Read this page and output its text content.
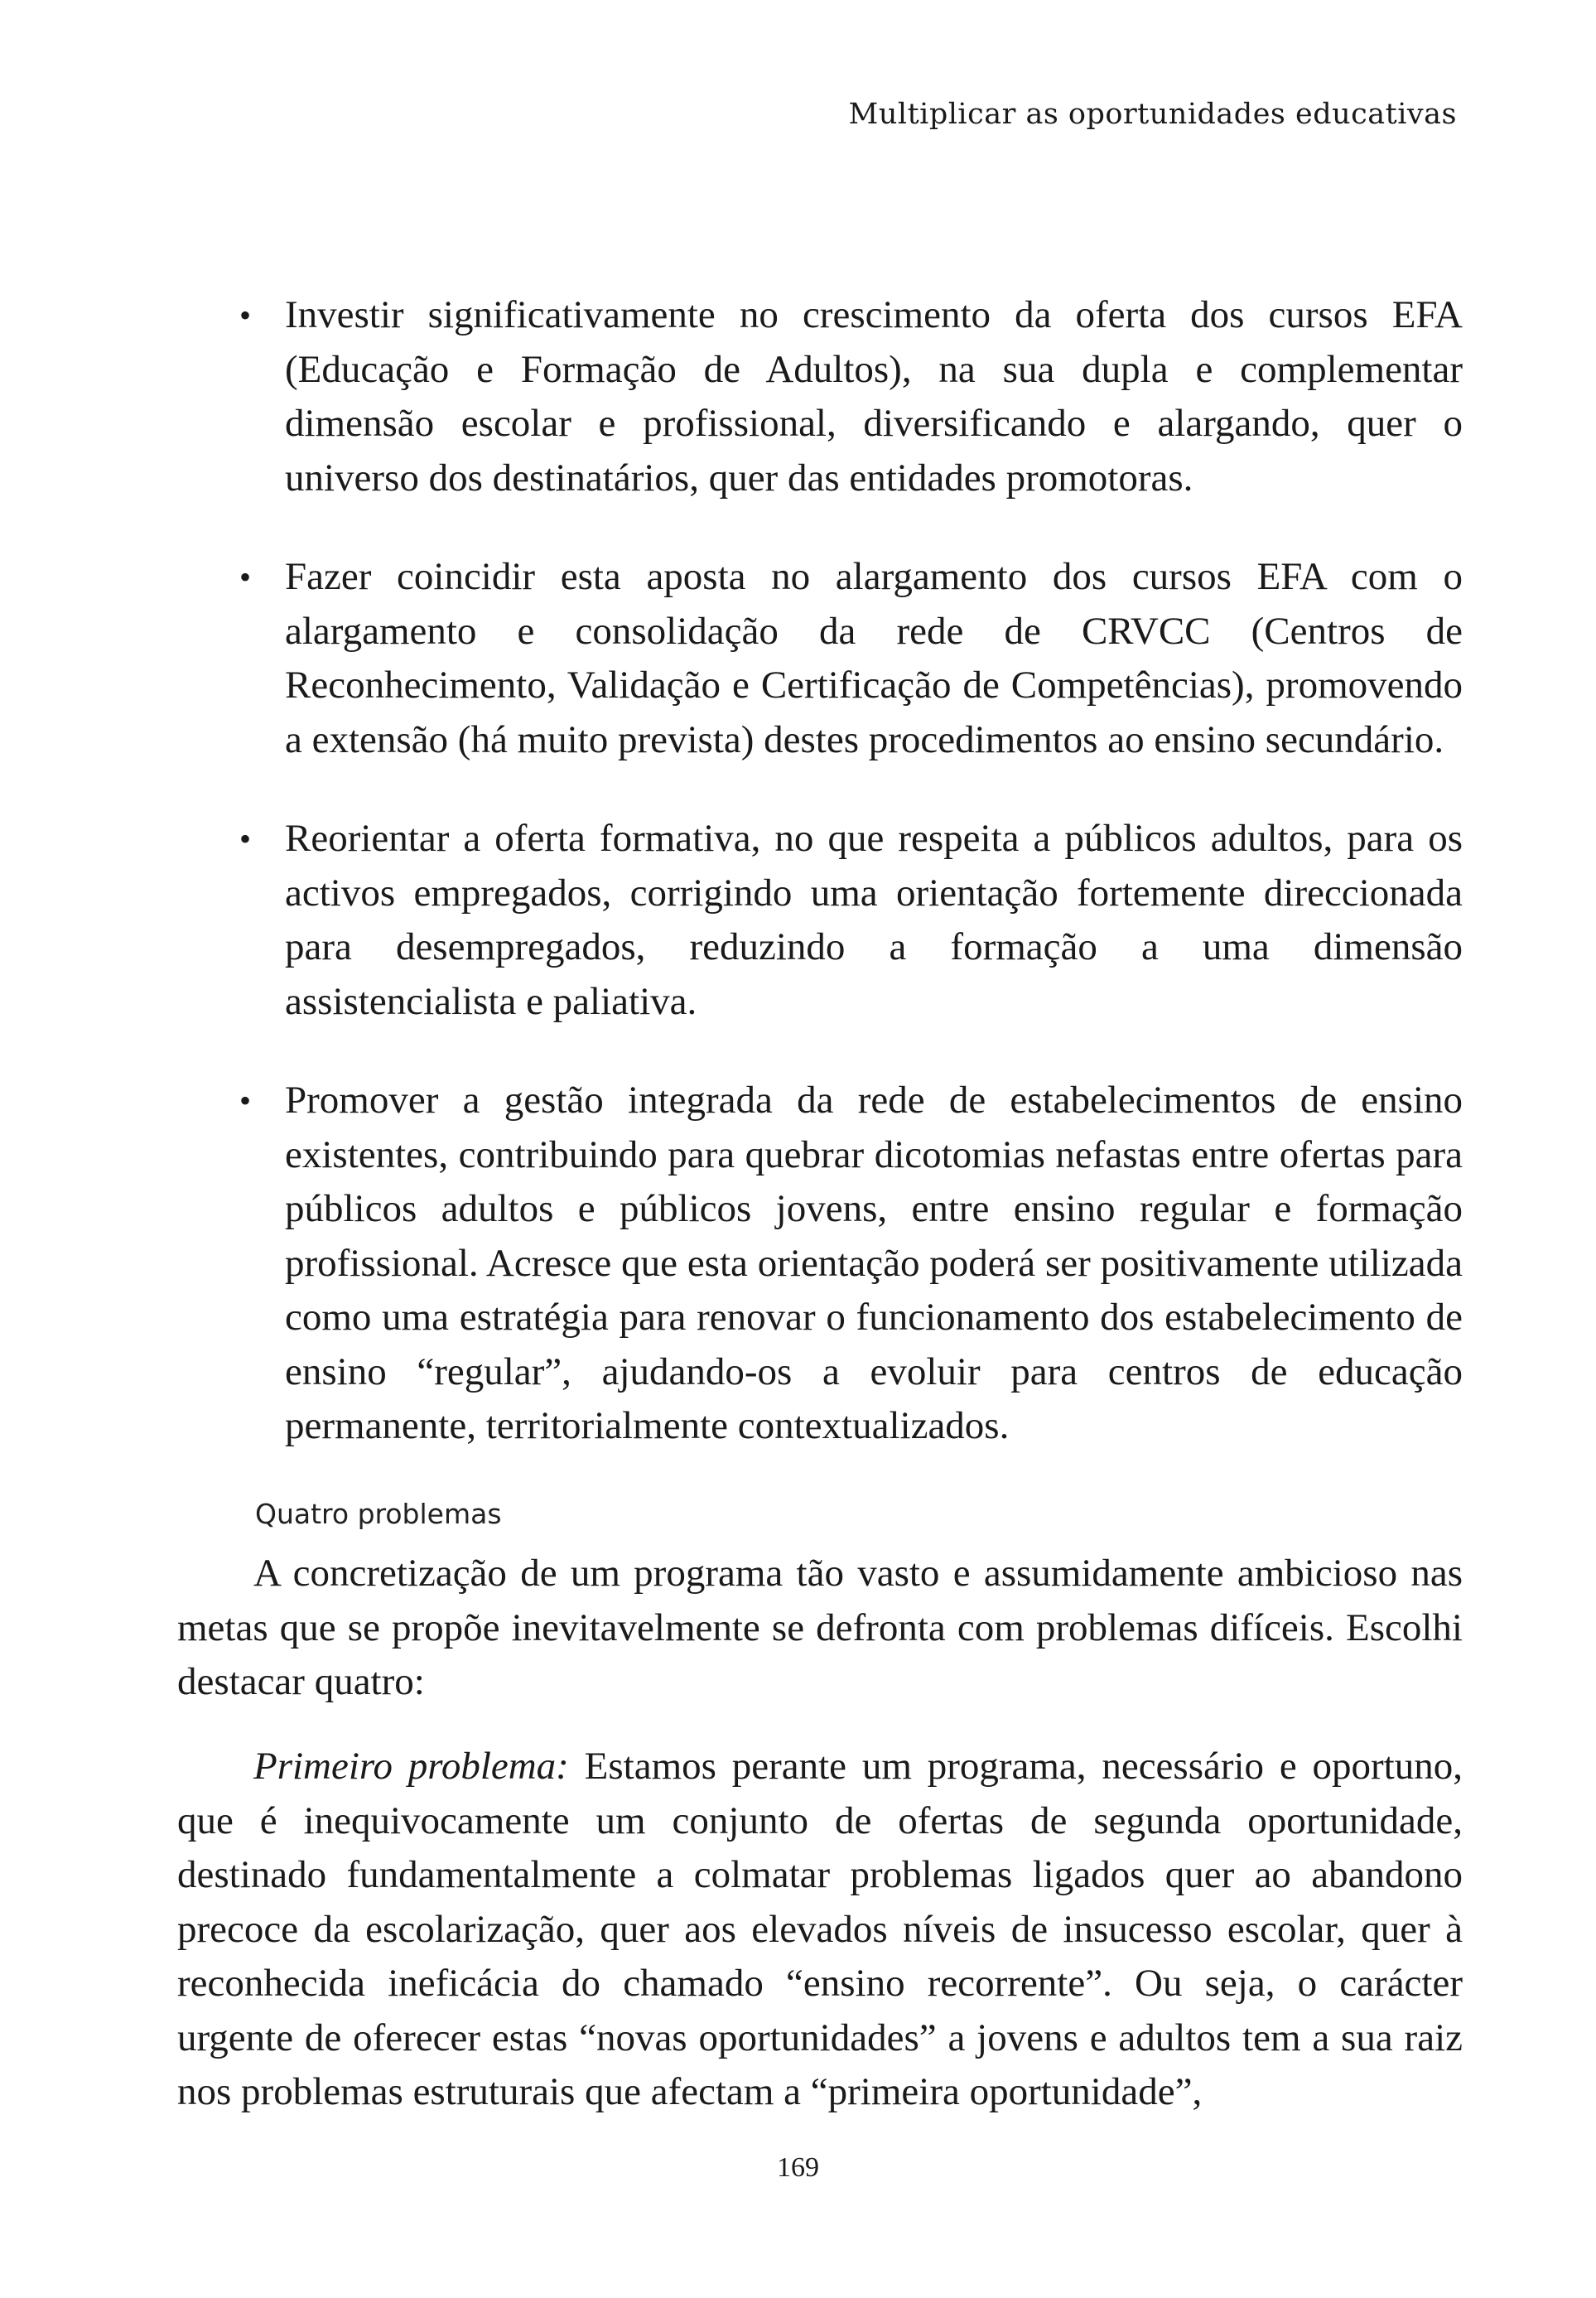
Multiplicar as oportunidades educativas
• Investir significativamente no crescimento da oferta dos cursos EFA (Educação e Formação de Adultos), na sua dupla e complementar dimensão escolar e profissional, diversificando e alargando, quer o universo dos destinatários, quer das entidades promotoras.
• Fazer coincidir esta aposta no alargamento dos cursos EFA com o alargamento e consolidação da rede de CRVCC (Centros de Reconhecimento, Validação e Certificação de Competências), promovendo a extensão (há muito prevista) destes procedimentos ao ensino secundário.
• Reorientar a oferta formativa, no que respeita a públicos adultos, para os activos empregados, corrigindo uma orientação fortemente direccionada para desempregados, reduzindo a formação a uma dimensão assistencialista e paliativa.
• Promover a gestão integrada da rede de estabelecimentos de ensino existentes, contribuindo para quebrar dicotomias nefastas entre ofertas para públicos adultos e públicos jovens, entre ensino regular e formação profissional. Acresce que esta orientação poderá ser positivamente utilizada como uma estratégia para renovar o funcionamento dos estabelecimento de ensino “regular”, ajudando-os a evoluir para centros de educação permanente, territorialmente contextualizados.
Quatro problemas

A concretização de um programa tão vasto e assumidamente ambicioso nas metas que se propõe inevitavelmente se defronta com problemas difíceis. Escolhi destacar quatro:

Primeiro problema: Estamos perante um programa, necessário e oportuno, que é inequivocamente um conjunto de ofertas de segunda oportunidade, destinado fundamentalmente a colmatar problemas ligados quer ao abandono precoce da escolarização, quer aos elevados níveis de insucesso escolar, quer à reconhecida ineficácia do chamado “ensino recorrente”. Ou seja, o carácter urgente de oferecer estas “novas oportunidades” a jovens e adultos tem a sua raiz nos problemas estruturais que afectam a “primeira oportunidade”,

169
